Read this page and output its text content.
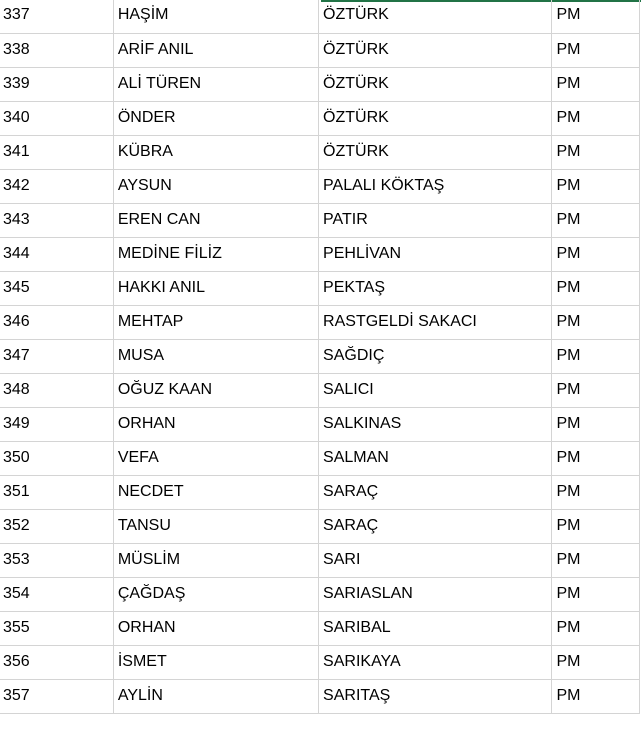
337	HAŞİM	ÖZTÜRK	PM
338	ARİF ANIL	ÖZTÜRK	PM
339	ALİ TÜREN	ÖZTÜRK	PM
340	ÖNDER	ÖZTÜRK	PM
341	KÜBRA	ÖZTÜRK	PM
342	AYSUN	PALALI KÖKTAŞ	PM
343	EREN CAN	PATIR	PM
344	MEDİNE FİLİZ	PEHLİVAN	PM
345	HAKKI ANIL	PEKTAŞ	PM
346	MEHTAP	RASTGELDİ SAKACI	PM
347	MUSA	SAĞDIÇ	PM
348	OĞUZ KAAN	SALICI	PM
349	ORHAN	SALKINAS	PM
350	VEFA	SALMAN	PM
351	NECDET	SARAÇ	PM
352	TANSU	SARAÇ	PM
353	MÜSLİM	SARI	PM
354	ÇAĞDAŞ	SARIASLAN	PM
355	ORHAN	SARIBAL	PM
356	İSMET	SARIKAYA	PM
357	AYLİN	SARITAŞ	PM
